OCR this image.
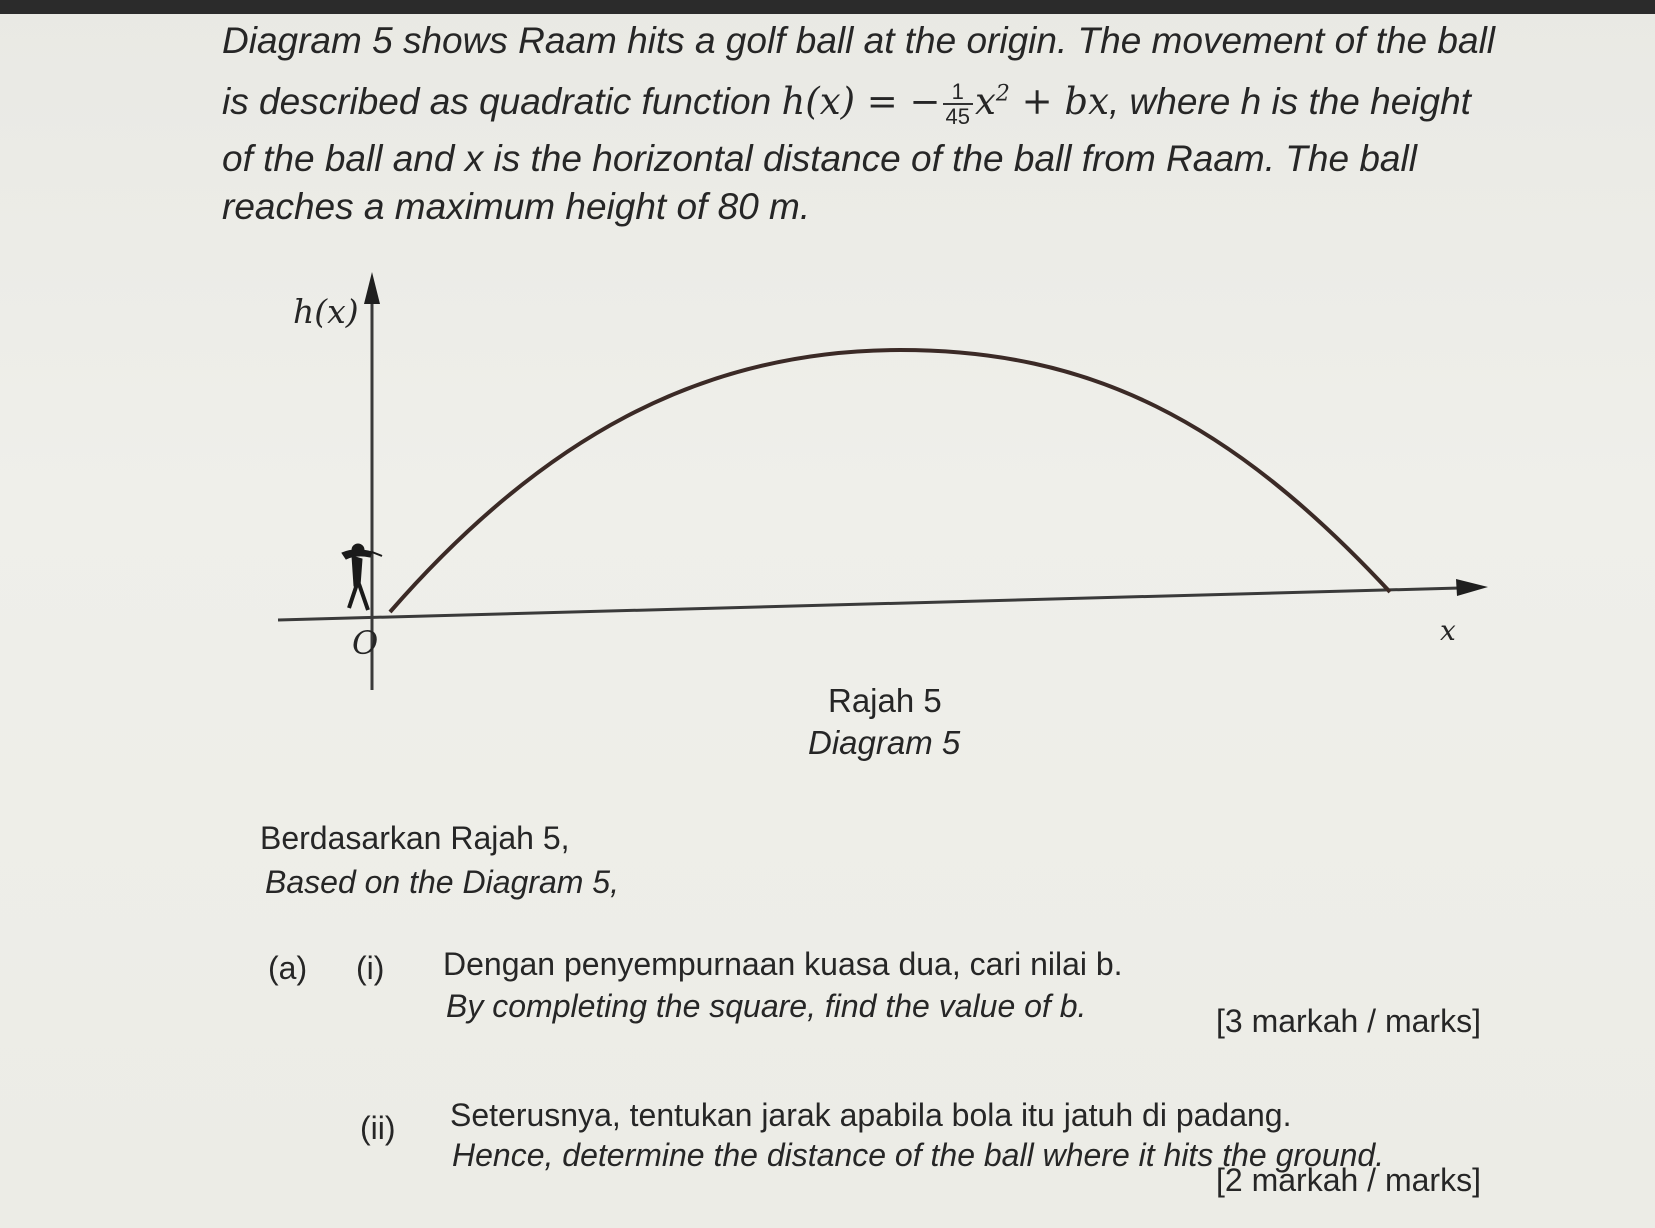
Diagram 5 shows Raam hits a golf ball at the origin. The movement of the ball
is described as quadratic function h(x) = − $\frac{1}{45} x^2$ + bx, where h is the height
of the ball and x is the horizontal distance of the ball from Raam. The ball
reaches a maximum height of 80 m.
h(x)
O	x
Rajah 5
Diagram 5
Berdasarkan Rajah 5,
Based on the Diagram 5,
(a) (i) Dengan penyempurnaan kuasa dua, cari nilai b.
By completing the square, find the value of b.	[3 markah / marks]
(ii) Seterusnya, tentukan jarak apabila bola itu jatuh di padang.
Hence, determine the distance of the ball where it hits the ground.
[2 markah / marks]
